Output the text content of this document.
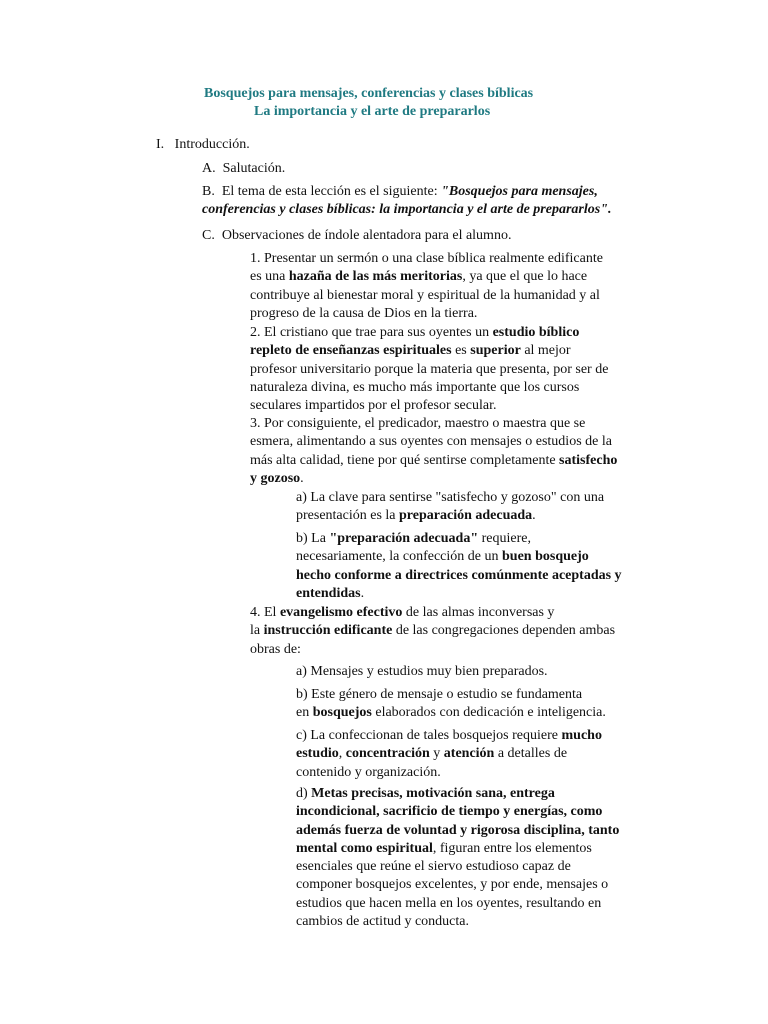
Bosquejos para mensajes, conferencias y clases bíblicas
La importancia y el arte de prepararlos
I. Introducción.
A. Salutación.
B. El tema de esta lección es el siguiente: "Bosquejos para mensajes,
conferencias y clases bíblicas: la importancia y el arte de prepararlos".
C. Observaciones de índole alentadora para el alumno.
1. Presentar un sermón o una clase bíblica realmente edificante
es una hazaña de las más meritorias, ya que el que lo hace
contribuye al bienestar moral y espiritual de la humanidad y al
progreso de la causa de Dios en la tierra.
2. El cristiano que trae para sus oyentes un estudio bíblico
repleto de enseñanzas espirituales es superior al mejor
profesor universitario porque la materia que presenta, por ser de
naturaleza divina, es mucho más importante que los cursos
seculares impartidos por el profesor secular.
3. Por consiguiente, el predicador, maestro o maestra que se
esmera, alimentando a sus oyentes con mensajes o estudios de la
más alta calidad, tiene por qué sentirse completamente satisfecho
y gozoso.
a) La clave para sentirse "satisfecho y gozoso" con una
presentación es la preparación adecuada.
b) La "preparación adecuada" requiere,
necesariamente, la confección de un buen bosquejo
hecho conforme a directrices comúnmente aceptadas y
entendidas.
4. El evangelismo efectivo de las almas inconversas y
la instrucción edificante de las congregaciones dependen ambas
obras de:
a) Mensajes y estudios muy bien preparados.
b) Este género de mensaje o estudio se fundamenta
en bosquejos elaborados con dedicación e inteligencia.
c) La confeccionan de tales bosquejos requiere mucho
estudio, concentración y atención a detalles de
contenido y organización.
d) Metas precisas, motivación sana, entrega
incondicional, sacrificio de tiempo y energías, como
además fuerza de voluntad y rigorosa disciplina, tanto
mental como espiritual, figuran entre los elementos
esenciales que reúne el siervo estudioso capaz de
componer bosquejos excelentes, y por ende, mensajes o
estudios que hacen mella en los oyentes, resultando en
cambios de actitud y conducta.
